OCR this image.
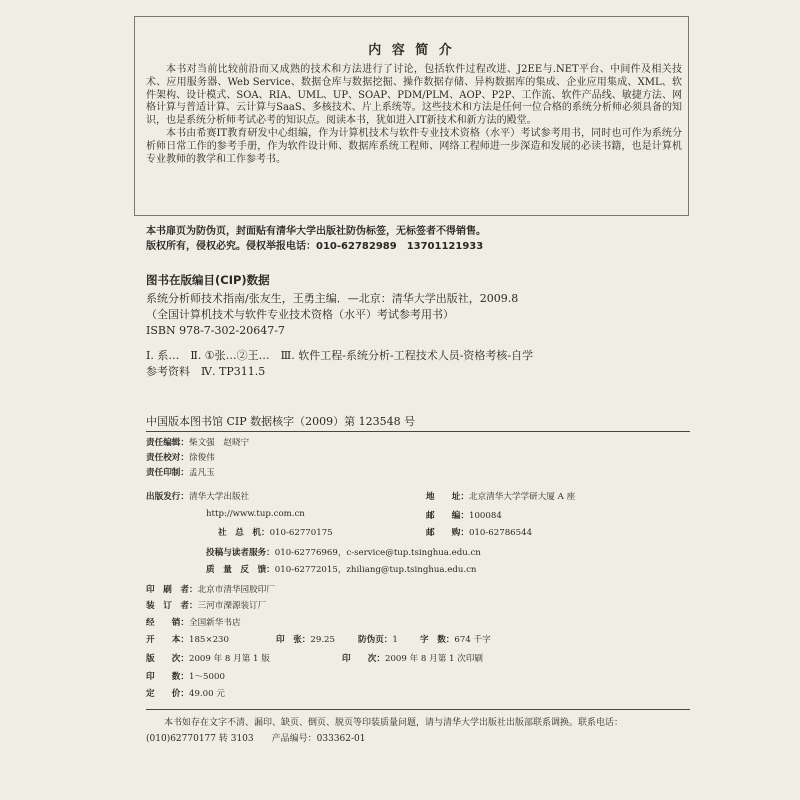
内 容 简 介

本书对当前比较前沿而又成熟的技术和方法进行了讨论，包括软件过程改进、J2EE与.NET平台、中间件及相关技术、应用服务器、Web Service、数据仓库与数据挖掘、操作数据存储、异构数据库的集成、企业应用集成、XML、软件架构、设计模式、SOA、RIA、UML、UP、SOAP、PDM/PLM、AOP、P2P、工作流、软件产品线、敏捷方法、网格计算与普适计算、云计算与SaaS、多核技术、片上系统等。这些技术和方法是任何一位合格的系统分析师必须具备的知识，也是系统分析师考试必考的知识点。阅读本书，犹如进入IT新技术和新方法的殿堂。

本书由希赛IT教育研发中心组编，作为计算机技术与软件专业技术资格（水平）考试参考用书，同时也可作为系统分析师日常工作的参考手册，作为软件设计师、数据库系统工程师、网络工程师进一步深造和发展的必读书籍，也是计算机专业教师的教学和工作参考书。

本书扉页为防伪页，封面贴有清华大学出版社防伪标签，无标签者不得销售。
版权所有，侵权必究。侵权举报电话：010-62782989　13701121933
图书在版编目(CIP)数据
系统分析师技术指南/张友生，王勇主编．—北京：清华大学出版社，2009.8
（全国计算机技术与软件专业技术资格（水平）考试参考用书）
ISBN 978-7-302-20647-7
Ⅰ. 系…　Ⅱ. ①张…②王…　Ⅲ. 软件工程-系统分析-工程技术人员-资格考核-自学
参考资料　Ⅳ. TP311.5
中国版本图书馆 CIP 数据核字（2009）第 123548 号
责任编辑：柴文强　赵晓宁
责任校对：徐俊伟
责任印制：孟凡玉
出版发行：清华大学出版社	地　　址：北京清华大学学研大厦 A 座
http://www.tup.com.cn	邮　　编：100084
社　总　机：010-62770175	邮　　购：010-62786544
投稿与读者服务：010-62776969，c-service@tup.tsinghua.edu.cn
质　量　反　馈：010-62772015，zhiliang@tup.tsinghua.edu.cn
印　刷　者：北京市清华园胶印厂
装　订　者：三河市溧源装订厂
经　　销：全国新华书店
开　　本：185×230	印　张：29.25	防伪页：1	字　数：674 千字
版　　次：2009 年 8 月第 1 版	印　　次：2009 年 8 月第 1 次印刷
印　　数：1～5000
定　　价：49.00 元

本书如存在文字不清、漏印、缺页、倒页、脱页等印装质量问题，请与清华大学出版社出版部联系调换。联系电话：(010)62770177 转 3103　　产品编号：033362-01
